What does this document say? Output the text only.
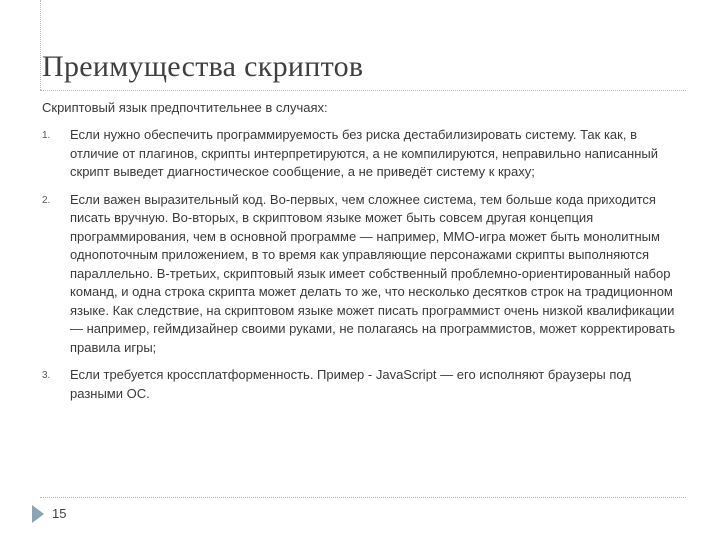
Преимущества скриптов
Скриптовый язык предпочтительнее в случаях:
1. Если нужно обеспечить программируемость без риска дестабилизировать систему. Так как, в отличие от плагинов, скрипты интерпретируются, а не компилируются, неправильно написанный скрипт выведет диагностическое сообщение, а не приведёт систему к краху;
2. Если важен выразительный код. Во-первых, чем сложнее система, тем больше кода приходится писать вручную. Во-вторых, в скриптовом языке может быть совсем другая концепция программирования, чем в основной программе — например, MMO-игра может быть монолитным однопоточным приложением, в то время как управляющие персонажами скрипты выполняются параллельно. В-третьих, скриптовый язык имеет собственный проблемно-ориентированный набор команд, и одна строка скрипта может делать то же, что несколько десятков строк на традиционном языке. Как следствие, на скриптовом языке может писать программист очень низкой квалификации — например, геймдизайнер своими руками, не полагаясь на программистов, может корректировать правила игры;
3. Если требуется кроссплатформенность. Пример - JavaScript — его исполняют браузеры под разными ОС.
15
